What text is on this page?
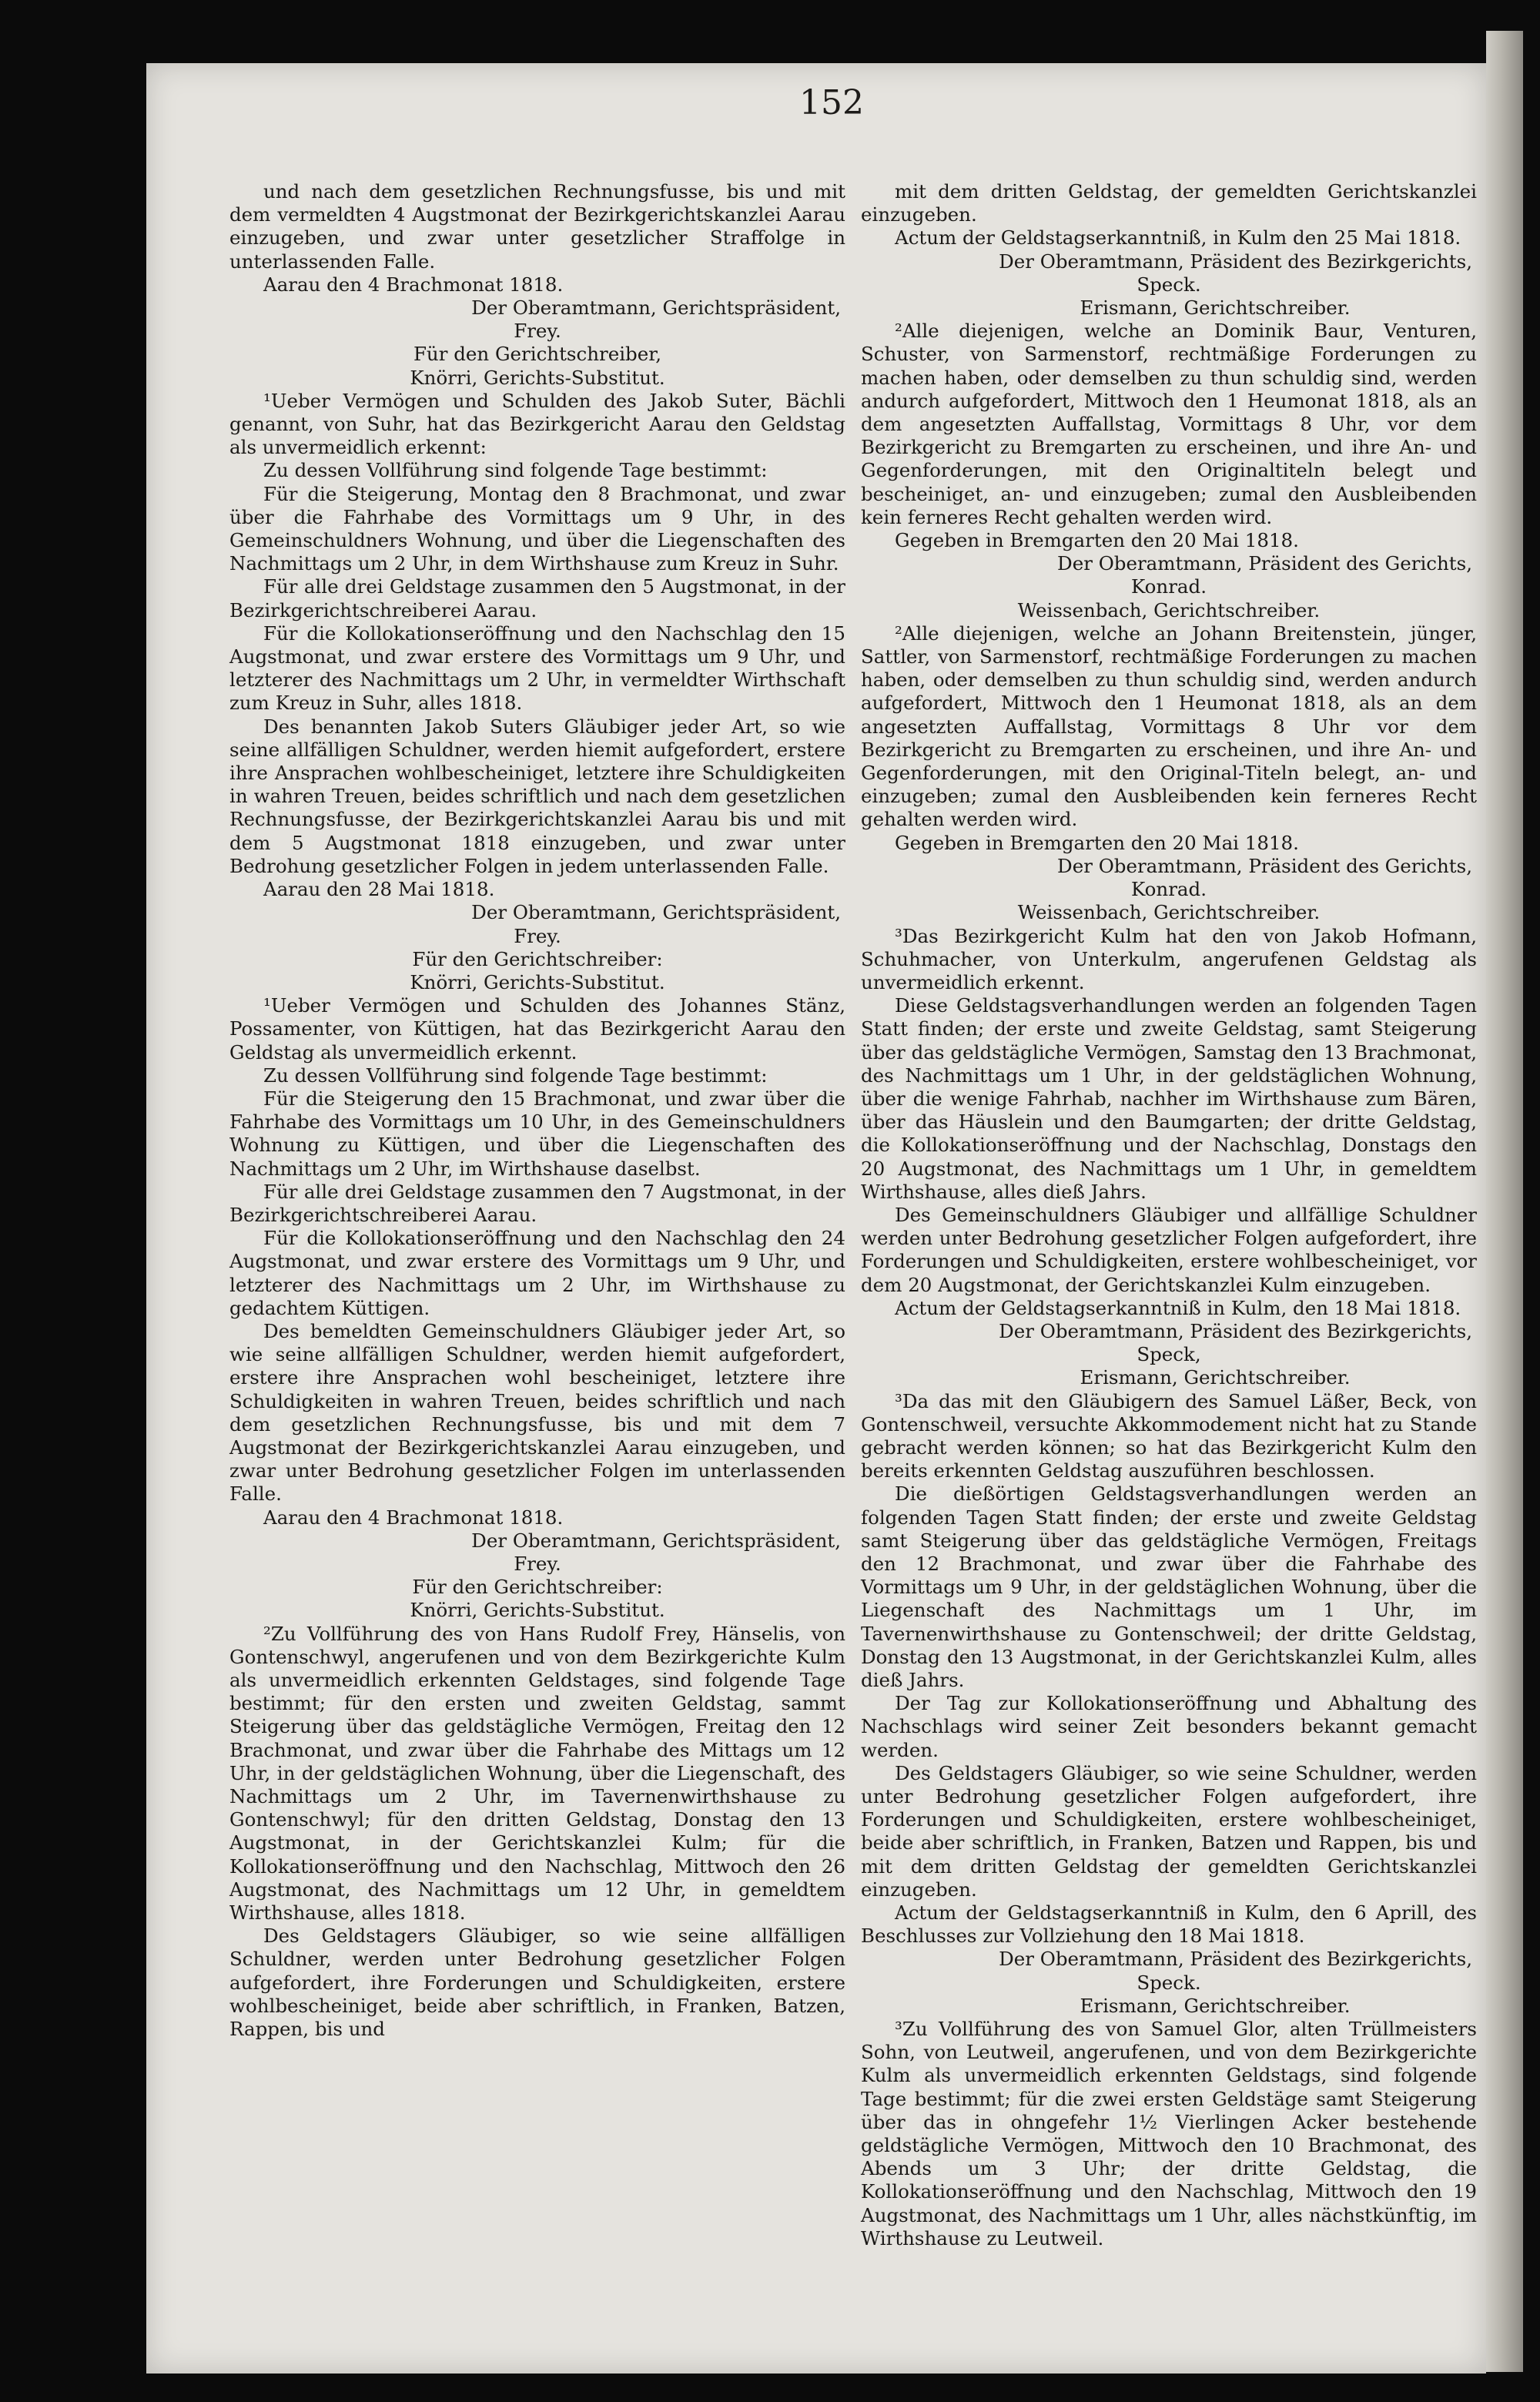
152

und nach dem gesetzlichen Rechnungsfusse, bis und mit dem vermeldten 4 Augstmonat der Bezirkgerichtskanzlei Aarau einzugeben, und zwar unter gesetzlicher Straffolge in unterlassenden Falle.

Aarau den 4 Brachmonat 1818.

Der Oberamtmann, Gerichtspräsident,

Frey.

Für den Gerichtschreiber,

Knörri, Gerichts-Substitut.

¹Ueber Vermögen und Schulden des Jakob Suter, Bächli genannt, von Suhr, hat das Bezirkgericht Aarau den Geldstag als unvermeidlich erkennt:

Zu dessen Vollführung sind folgende Tage bestimmt:

Für die Steigerung, Montag den 8 Brachmonat, und zwar über die Fahrhabe des Vormittags um 9 Uhr, in des Gemeinschuldners Wohnung, und über die Liegenschaften des Nachmittags um 2 Uhr, in dem Wirthshause zum Kreuz in Suhr.

Für alle drei Geldstage zusammen den 5 Augstmonat, in der Bezirkgerichtschreiberei Aarau.

Für die Kollokationseröffnung und den Nachschlag den 15 Augstmonat, und zwar erstere des Vormittags um 9 Uhr, und letzterer des Nachmittags um 2 Uhr, in vermeldter Wirthschaft zum Kreuz in Suhr, alles 1818.

Des benannten Jakob Suters Gläubiger jeder Art, so wie seine allfälligen Schuldner, werden hiemit aufgefordert, erstere ihre Ansprachen wohlbescheiniget, letztere ihre Schuldigkeiten in wahren Treuen, beides schriftlich und nach dem gesetzlichen Rechnungsfusse, der Bezirkgerichtskanzlei Aarau bis und mit dem 5 Augstmonat 1818 einzugeben, und zwar unter Bedrohung gesetzlicher Folgen in jedem unterlassenden Falle.

Aarau den 28 Mai 1818.

Der Oberamtmann, Gerichtspräsident,

Frey.

Für den Gerichtschreiber:

Knörri, Gerichts-Substitut.

¹Ueber Vermögen und Schulden des Johannes Stänz, Possamenter, von Küttigen, hat das Bezirkgericht Aarau den Geldstag als unvermeidlich erkennt.

Zu dessen Vollführung sind folgende Tage bestimmt:

Für die Steigerung den 15 Brachmonat, und zwar über die Fahrhabe des Vormittags um 10 Uhr, in des Gemeinschuldners Wohnung zu Küttigen, und über die Liegenschaften des Nachmittags um 2 Uhr, im Wirthshause daselbst.

Für alle drei Geldstage zusammen den 7 Augstmonat, in der Bezirkgerichtschreiberei Aarau.

Für die Kollokationseröffnung und den Nachschlag den 24 Augstmonat, und zwar erstere des Vormittags um 9 Uhr, und letzterer des Nachmittags um 2 Uhr, im Wirthshause zu gedachtem Küttigen.

Des bemeldten Gemeinschuldners Gläubiger jeder Art, so wie seine allfälligen Schuldner, werden hiemit aufgefordert, erstere ihre Ansprachen wohl bescheiniget, letztere ihre Schuldigkeiten in wahren Treuen, beides schriftlich und nach dem gesetzlichen Rechnungsfusse, bis und mit dem 7 Augstmonat der Bezirkgerichtskanzlei Aarau einzugeben, und zwar unter Bedrohung gesetzlicher Folgen im unterlassenden Falle.

Aarau den 4 Brachmonat 1818.

Der Oberamtmann, Gerichtspräsident,

Frey.

Für den Gerichtschreiber:

Knörri, Gerichts-Substitut.

²Zu Vollführung des von Hans Rudolf Frey, Hänselis, von Gontenschwyl, angerufenen und von dem Bezirkgerichte Kulm als unvermeidlich erkennten Geldstages, sind folgende Tage bestimmt; für den ersten und zweiten Geldstag, sammt Steigerung über das geldstägliche Vermögen, Freitag den 12 Brachmonat, und zwar über die Fahrhabe des Mittags um 12 Uhr, in der geldstäglichen Wohnung, über die Liegenschaft, des Nachmittags um 2 Uhr, im Tavernenwirthshause zu Gontenschwyl; für den dritten Geldstag, Donstag den 13 Augstmonat, in der Gerichtskanzlei Kulm; für die Kollokationseröffnung und den Nachschlag, Mittwoch den 26 Augstmonat, des Nachmittags um 12 Uhr, in gemeldtem Wirthshause, alles 1818.

Des Geldstagers Gläubiger, so wie seine allfälligen Schuldner, werden unter Bedrohung gesetzlicher Folgen aufgefordert, ihre Forderungen und Schuldigkeiten, erstere wohlbescheiniget, beide aber schriftlich, in Franken, Batzen, Rappen, bis und

mit dem dritten Geldstag, der gemeldten Gerichtskanzlei einzugeben.

Actum der Geldstagserkanntniß, in Kulm den 25 Mai 1818.

Der Oberamtmann, Präsident des Bezirkgerichts,

Speck.

Erismann, Gerichtschreiber.

²Alle diejenigen, welche an Dominik Baur, Venturen, Schuster, von Sarmenstorf, rechtmäßige Forderungen zu machen haben, oder demselben zu thun schuldig sind, werden andurch aufgefordert, Mittwoch den 1 Heumonat 1818, als an dem angesetzten Auffallstag, Vormittags 8 Uhr, vor dem Bezirkgericht zu Bremgarten zu erscheinen, und ihre An- und Gegenforderungen, mit den Originaltiteln belegt und bescheiniget, an- und einzugeben; zumal den Ausbleibenden kein ferneres Recht gehalten werden wird.

Gegeben in Bremgarten den 20 Mai 1818.

Der Oberamtmann, Präsident des Gerichts,

Konrad.

Weissenbach, Gerichtschreiber.

²Alle diejenigen, welche an Johann Breitenstein, jünger, Sattler, von Sarmenstorf, rechtmäßige Forderungen zu machen haben, oder demselben zu thun schuldig sind, werden andurch aufgefordert, Mittwoch den 1 Heumonat 1818, als an dem angesetzten Auffallstag, Vormittags 8 Uhr vor dem Bezirkgericht zu Bremgarten zu erscheinen, und ihre An- und Gegenforderungen, mit den Original-Titeln belegt, an- und einzugeben; zumal den Ausbleibenden kein ferneres Recht gehalten werden wird.

Gegeben in Bremgarten den 20 Mai 1818.

Der Oberamtmann, Präsident des Gerichts,

Konrad.

Weissenbach, Gerichtschreiber.

³Das Bezirkgericht Kulm hat den von Jakob Hofmann, Schuhmacher, von Unterkulm, angerufenen Geldstag als unvermeidlich erkennt.

Diese Geldstagsverhandlungen werden an folgenden Tagen Statt finden; der erste und zweite Geldstag, samt Steigerung über das geldstägliche Vermögen, Samstag den 13 Brachmonat, des Nachmittags um 1 Uhr, in der geldstäglichen Wohnung, über die wenige Fahrhab, nachher im Wirthshause zum Bären, über das Häuslein und den Baumgarten; der dritte Geldstag, die Kollokationseröffnung und der Nachschlag, Donstags den 20 Augstmonat, des Nachmittags um 1 Uhr, in gemeldtem Wirthshause, alles dieß Jahrs.

Des Gemeinschuldners Gläubiger und allfällige Schuldner werden unter Bedrohung gesetzlicher Folgen aufgefordert, ihre Forderungen und Schuldigkeiten, erstere wohlbescheiniget, vor dem 20 Augstmonat, der Gerichtskanzlei Kulm einzugeben.

Actum der Geldstagserkanntniß in Kulm, den 18 Mai 1818.

Der Oberamtmann, Präsident des Bezirkgerichts,

Speck,

Erismann, Gerichtschreiber.

³Da das mit den Gläubigern des Samuel Läßer, Beck, von Gontenschweil, versuchte Akkommodement nicht hat zu Stande gebracht werden können; so hat das Bezirkgericht Kulm den bereits erkennten Geldstag auszuführen beschlossen.

Die dießörtigen Geldstagsverhandlungen werden an folgenden Tagen Statt finden; der erste und zweite Geldstag samt Steigerung über das geldstägliche Vermögen, Freitags den 12 Brachmonat, und zwar über die Fahrhabe des Vormittags um 9 Uhr, in der geldstäglichen Wohnung, über die Liegenschaft des Nachmittags um 1 Uhr, im Tavernenwirthshause zu Gontenschweil; der dritte Geldstag, Donstag den 13 Augstmonat, in der Gerichtskanzlei Kulm, alles dieß Jahrs.

Der Tag zur Kollokationseröffnung und Abhaltung des Nachschlags wird seiner Zeit besonders bekannt gemacht werden.

Des Geldstagers Gläubiger, so wie seine Schuldner, werden unter Bedrohung gesetzlicher Folgen aufgefordert, ihre Forderungen und Schuldigkeiten, erstere wohlbescheiniget, beide aber schriftlich, in Franken, Batzen und Rappen, bis und mit dem dritten Geldstag der gemeldten Gerichtskanzlei einzugeben.

Actum der Geldstagserkanntniß in Kulm, den 6 Aprill, des Beschlusses zur Vollziehung den 18 Mai 1818.

Der Oberamtmann, Präsident des Bezirkgerichts,

Speck.

Erismann, Gerichtschreiber.

³Zu Vollführung des von Samuel Glor, alten Trüllmeisters Sohn, von Leutweil, angerufenen, und von dem Bezirkgerichte Kulm als unvermeidlich erkennten Geldstags, sind folgende Tage bestimmt; für die zwei ersten Geldstäge samt Steigerung über das in ohngefehr 1½ Vierlingen Acker bestehende geldstägliche Vermögen, Mittwoch den 10 Brachmonat, des Abends um 3 Uhr; der dritte Geldstag, die Kollokationseröffnung und den Nachschlag, Mittwoch den 19 Augstmonat, des Nachmittags um 1 Uhr, alles nächstkünftig, im Wirthshause zu Leutweil.
